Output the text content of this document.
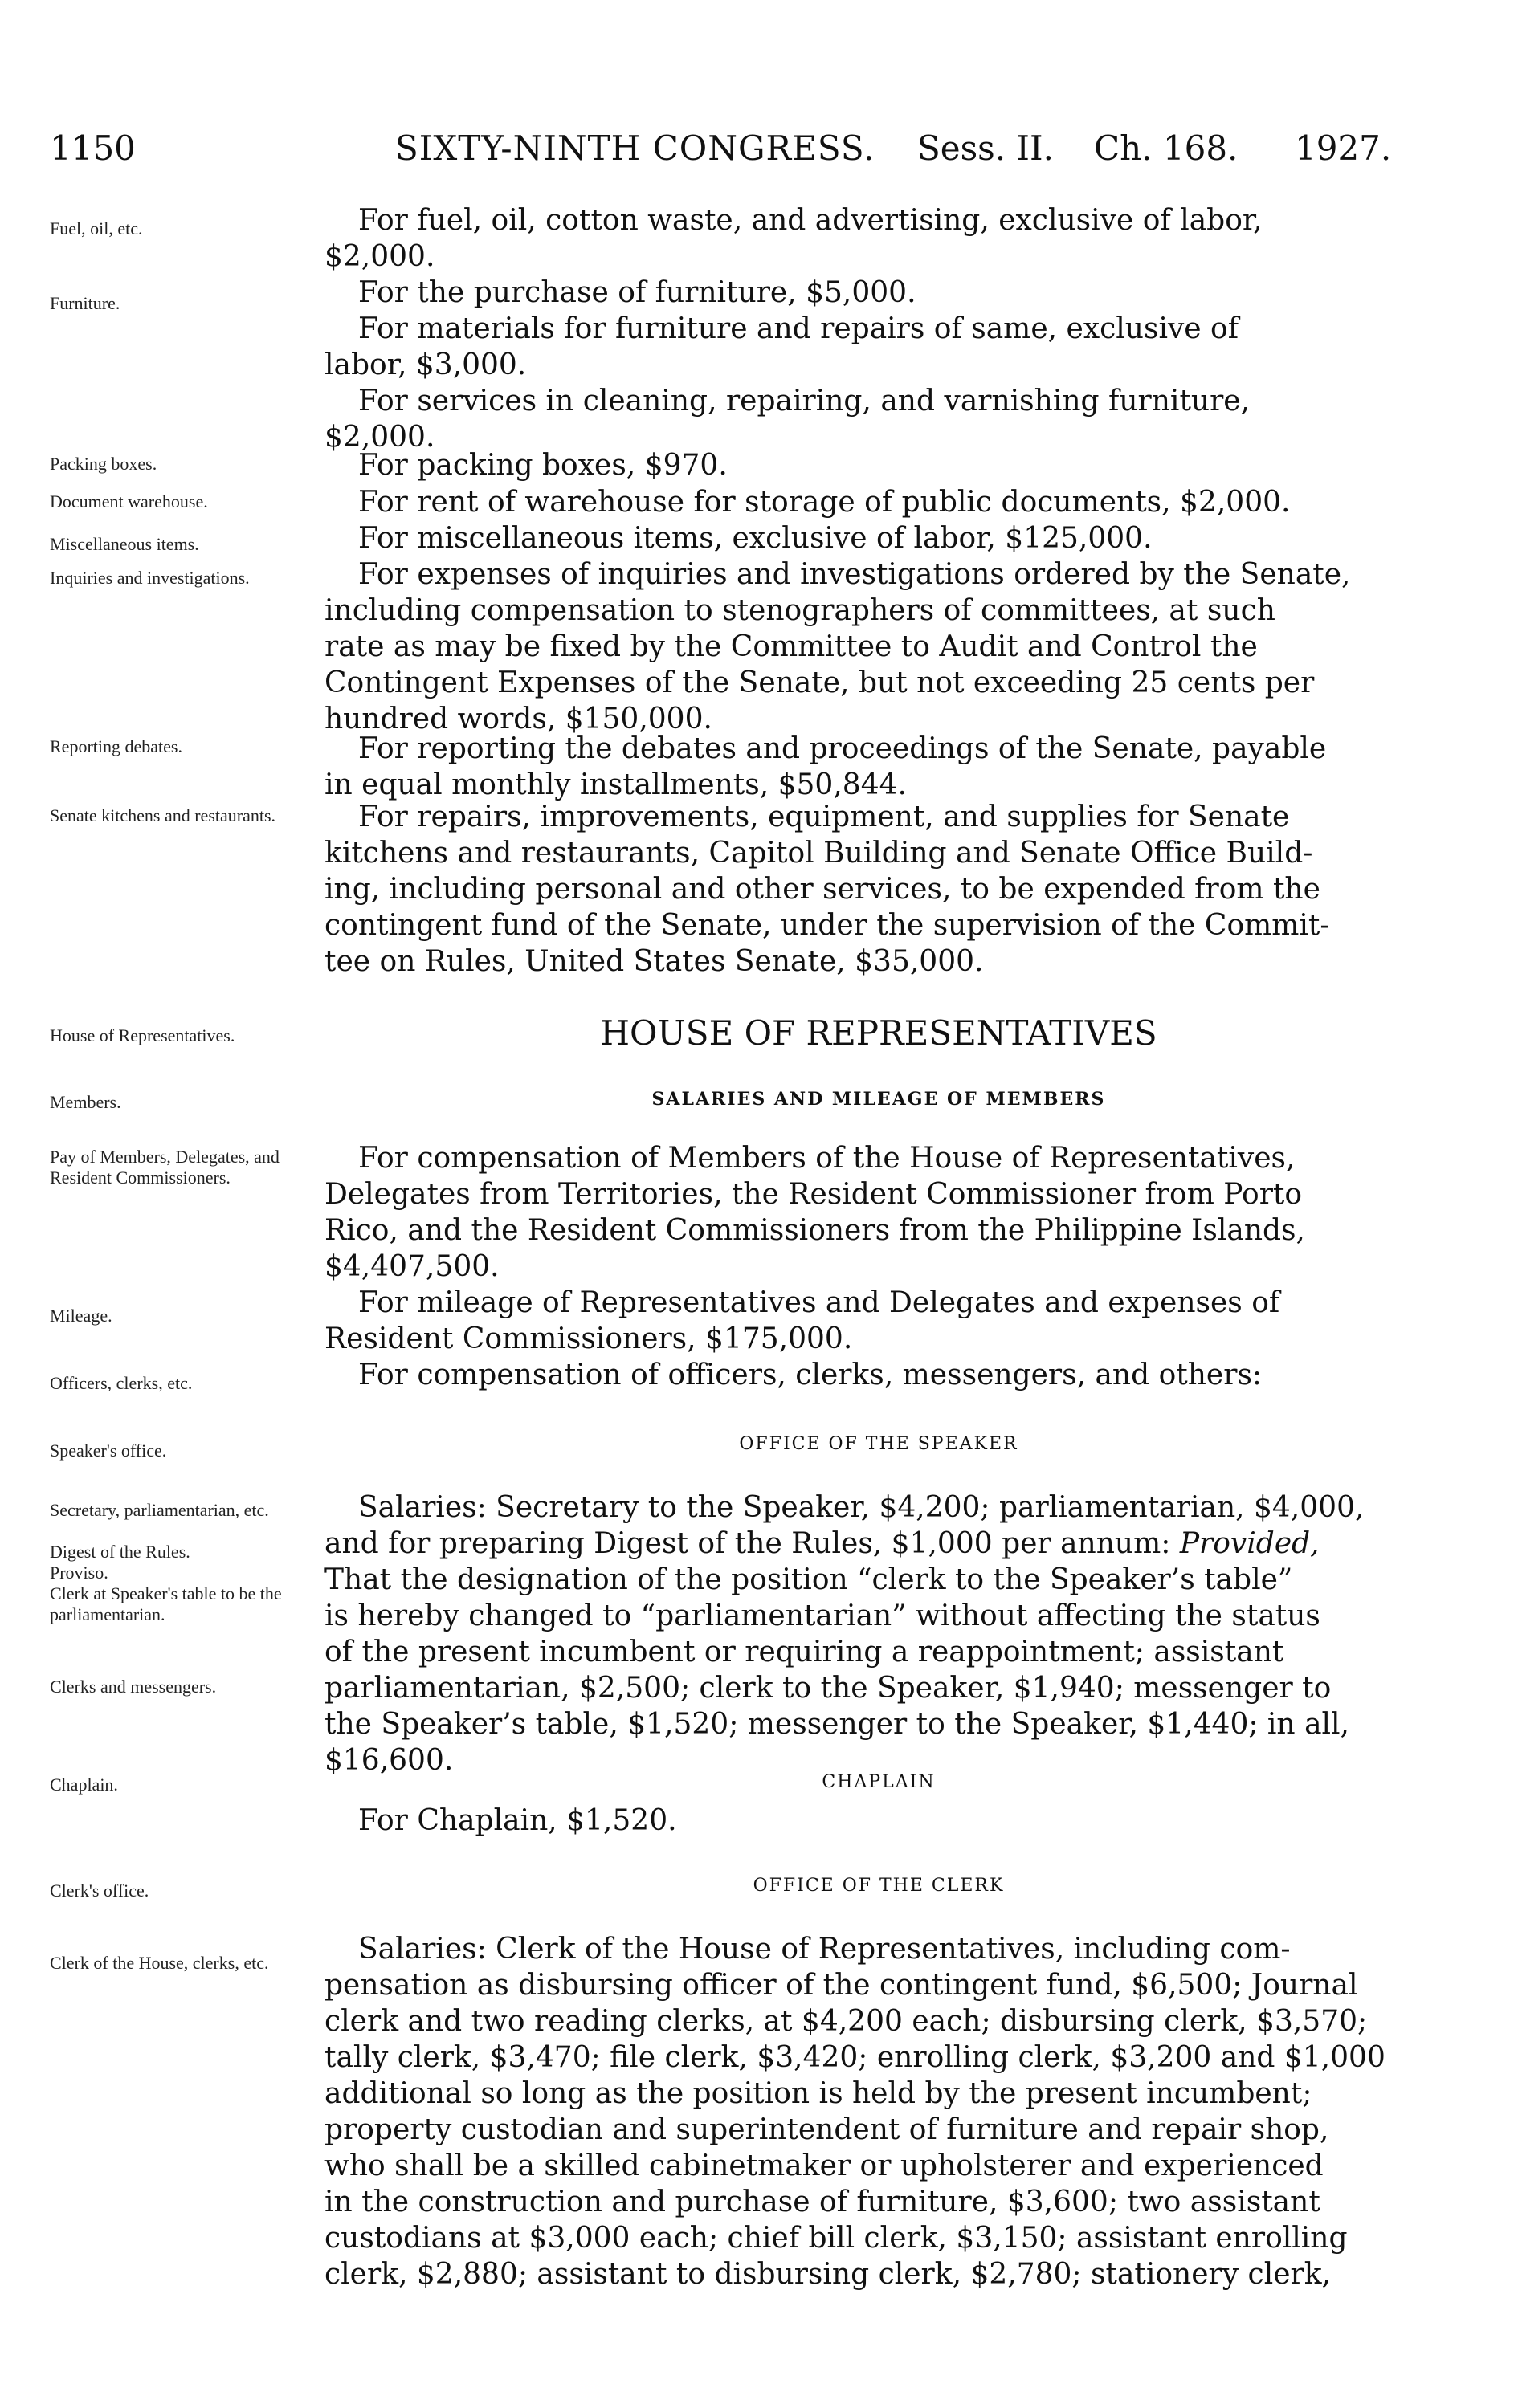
1150	SIXTY-NINTH CONGRESS. Sess. II. Ch. 168. 1927.
Fuel, oil, etc.
Furniture.
Packing boxes.
Document warehouse.
Miscellaneous items.
Inquiries and investigations.
Reporting debates.
Senate kitchens and restaurants.
House of Representatives.
Members.
Pay of Members, Delegates, and Resident Commissioners.
Mileage.
Officers, clerks, etc.
Speaker's office.
Secretary, parliamentarian, etc.
Digest of the Rules.
Proviso.
Clerk at Speaker's table to be the parliamentarian.
Clerks and messengers.
Chaplain.
Clerk's office.
Clerk of the House, clerks, etc.
For fuel, oil, cotton waste, and advertising, exclusive of labor,
$2,000.
For the purchase of furniture, $5,000.
For materials for furniture and repairs of same, exclusive of
labor, $3,000.
For services in cleaning, repairing, and varnishing furniture,
$2,000.
For packing boxes, $970.
For rent of warehouse for storage of public documents, $2,000.
For miscellaneous items, exclusive of labor, $125,000.
For expenses of inquiries and investigations ordered by the Senate,
including compensation to stenographers of committees, at such
rate as may be fixed by the Committee to Audit and Control the
Contingent Expenses of the Senate, but not exceeding 25 cents per
hundred words, $150,000.
For reporting the debates and proceedings of the Senate, payable
in equal monthly installments, $50,844.
For repairs, improvements, equipment, and supplies for Senate
kitchens and restaurants, Capitol Building and Senate Office Build-
ing, including personal and other services, to be expended from the
contingent fund of the Senate, under the supervision of the Commit-
tee on Rules, United States Senate, $35,000.
HOUSE OF REPRESENTATIVES
SALARIES AND MILEAGE OF MEMBERS
For compensation of Members of the House of Representatives,
Delegates from Territories, the Resident Commissioner from Porto
Rico, and the Resident Commissioners from the Philippine Islands,
$4,407,500.
For mileage of Representatives and Delegates and expenses of
Resident Commissioners, $175,000.
For compensation of officers, clerks, messengers, and others:
OFFICE OF THE SPEAKER
Salaries: Secretary to the Speaker, $4,200; parliamentarian, $4,000,
and for preparing Digest of the Rules, $1,000 per annum: Provided,
That the designation of the position “clerk to the Speaker’s table”
is hereby changed to “parliamentarian” without affecting the status
of the present incumbent or requiring a reappointment; assistant
parliamentarian, $2,500; clerk to the Speaker, $1,940; messenger to
the Speaker’s table, $1,520; messenger to the Speaker, $1,440; in all,
$16,600.
CHAPLAIN
For Chaplain, $1,520.
OFFICE OF THE CLERK
Salaries: Clerk of the House of Representatives, including com-
pensation as disbursing officer of the contingent fund, $6,500; Journal
clerk and two reading clerks, at $4,200 each; disbursing clerk, $3,570;
tally clerk, $3,470; file clerk, $3,420; enrolling clerk, $3,200 and $1,000
additional so long as the position is held by the present incumbent;
property custodian and superintendent of furniture and repair shop,
who shall be a skilled cabinetmaker or upholsterer and experienced
in the construction and purchase of furniture, $3,600; two assistant
custodians at $3,000 each; chief bill clerk, $3,150; assistant enrolling
clerk, $2,880; assistant to disbursing clerk, $2,780; stationery clerk,
